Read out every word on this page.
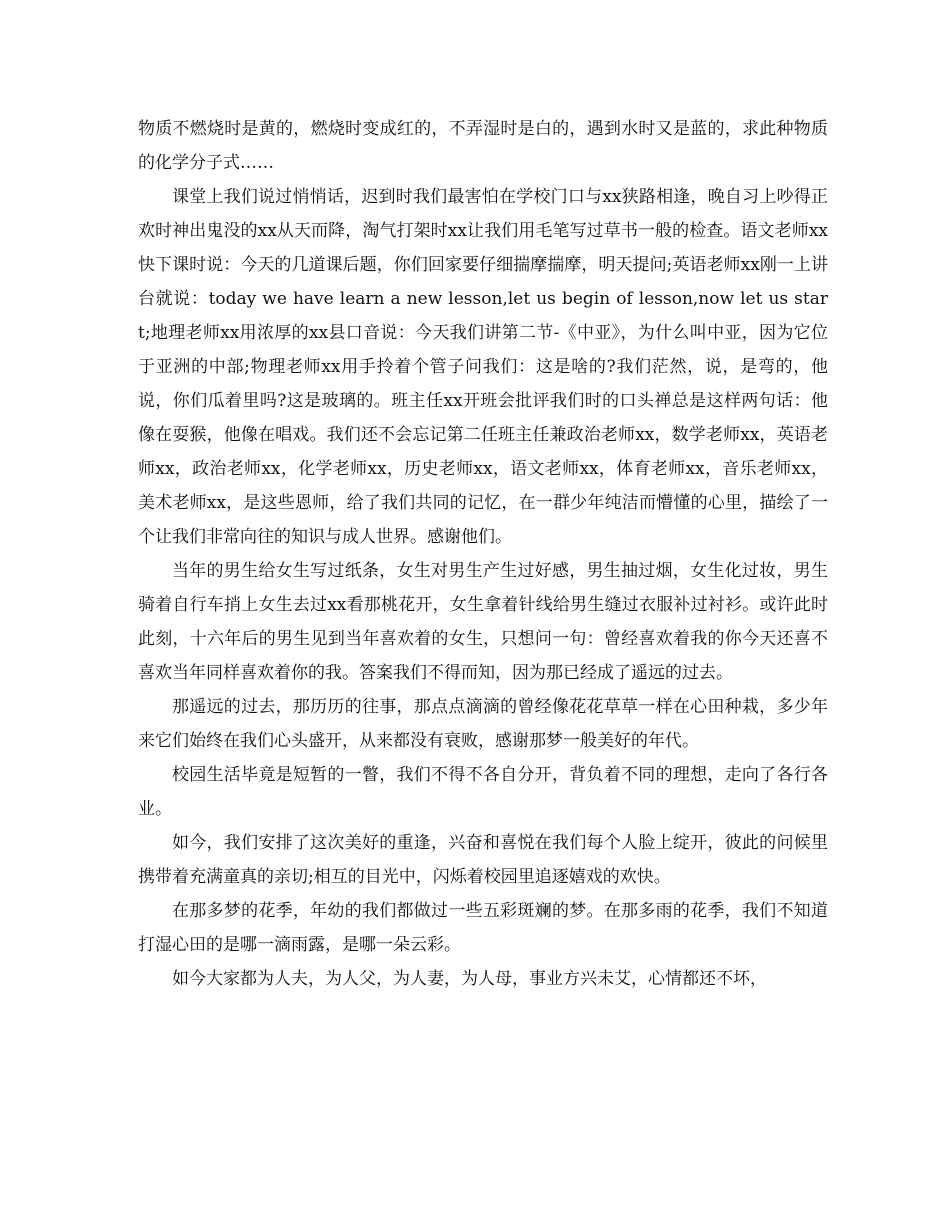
物质不燃烧时是黄的，燃烧时变成红的，不弄湿时是白的，遇到水时又是蓝的，求此种物质的化学分子式……

课堂上我们说过悄悄话，迟到时我们最害怕在学校门口与xx狭路相逢，晚自习上吵得正欢时神出鬼没的xx从天而降，淘气打架时xx让我们用毛笔写过草书一般的检查。语文老师xx快下课时说：今天的几道课后题，你们回家要仔细揣摩揣摩，明天提问;英语老师xx刚一上讲台就说：today we have learn a new lesson,let us begin of lesson,now let us start;地理老师xx用浓厚的xx县口音说：今天我们讲第二节-《中亚》，为什么叫中亚，因为它位于亚洲的中部;物理老师xx用手拎着个管子问我们：这是啥的?我们茫然，说，是弯的，他说，你们瓜着里吗?这是玻璃的。班主任xx开班会批评我们时的口头禅总是这样两句话：他像在耍猴，他像在唱戏。我们还不会忘记第二任班主任兼政治老师xx，数学老师xx，英语老师xx，政治老师xx，化学老师xx，历史老师xx，语文老师xx，体育老师xx，音乐老师xx，美术老师xx，是这些恩师，给了我们共同的记忆，在一群少年纯洁而懵懂的心里，描绘了一个让我们非常向往的知识与成人世界。感谢他们。

当年的男生给女生写过纸条，女生对男生产生过好感，男生抽过烟，女生化过妆，男生骑着自行车捎上女生去过xx看那桃花开，女生拿着针线给男生缝过衣服补过衬衫。或许此时此刻，十六年后的男生见到当年喜欢着的女生，只想问一句：曾经喜欢着我的你今天还喜不喜欢当年同样喜欢着你的我。答案我们不得而知，因为那已经成了遥远的过去。

那遥远的过去，那历历的往事，那点点滴滴的曾经像花花草草一样在心田种栽，多少年来它们始终在我们心头盛开，从来都没有衰败，感谢那梦一般美好的年代。

校园生活毕竟是短暂的一瞥，我们不得不各自分开，背负着不同的理想，走向了各行各业。

如今，我们安排了这次美好的重逢，兴奋和喜悦在我们每个人脸上绽开，彼此的问候里携带着充满童真的亲切;相互的目光中，闪烁着校园里追逐嬉戏的欢快。

在那多梦的花季，年幼的我们都做过一些五彩斑斓的梦。在那多雨的花季，我们不知道打湿心田的是哪一滴雨露，是哪一朵云彩。

如今大家都为人夫，为人父，为人妻，为人母，事业方兴未艾，心情都还不坏，
